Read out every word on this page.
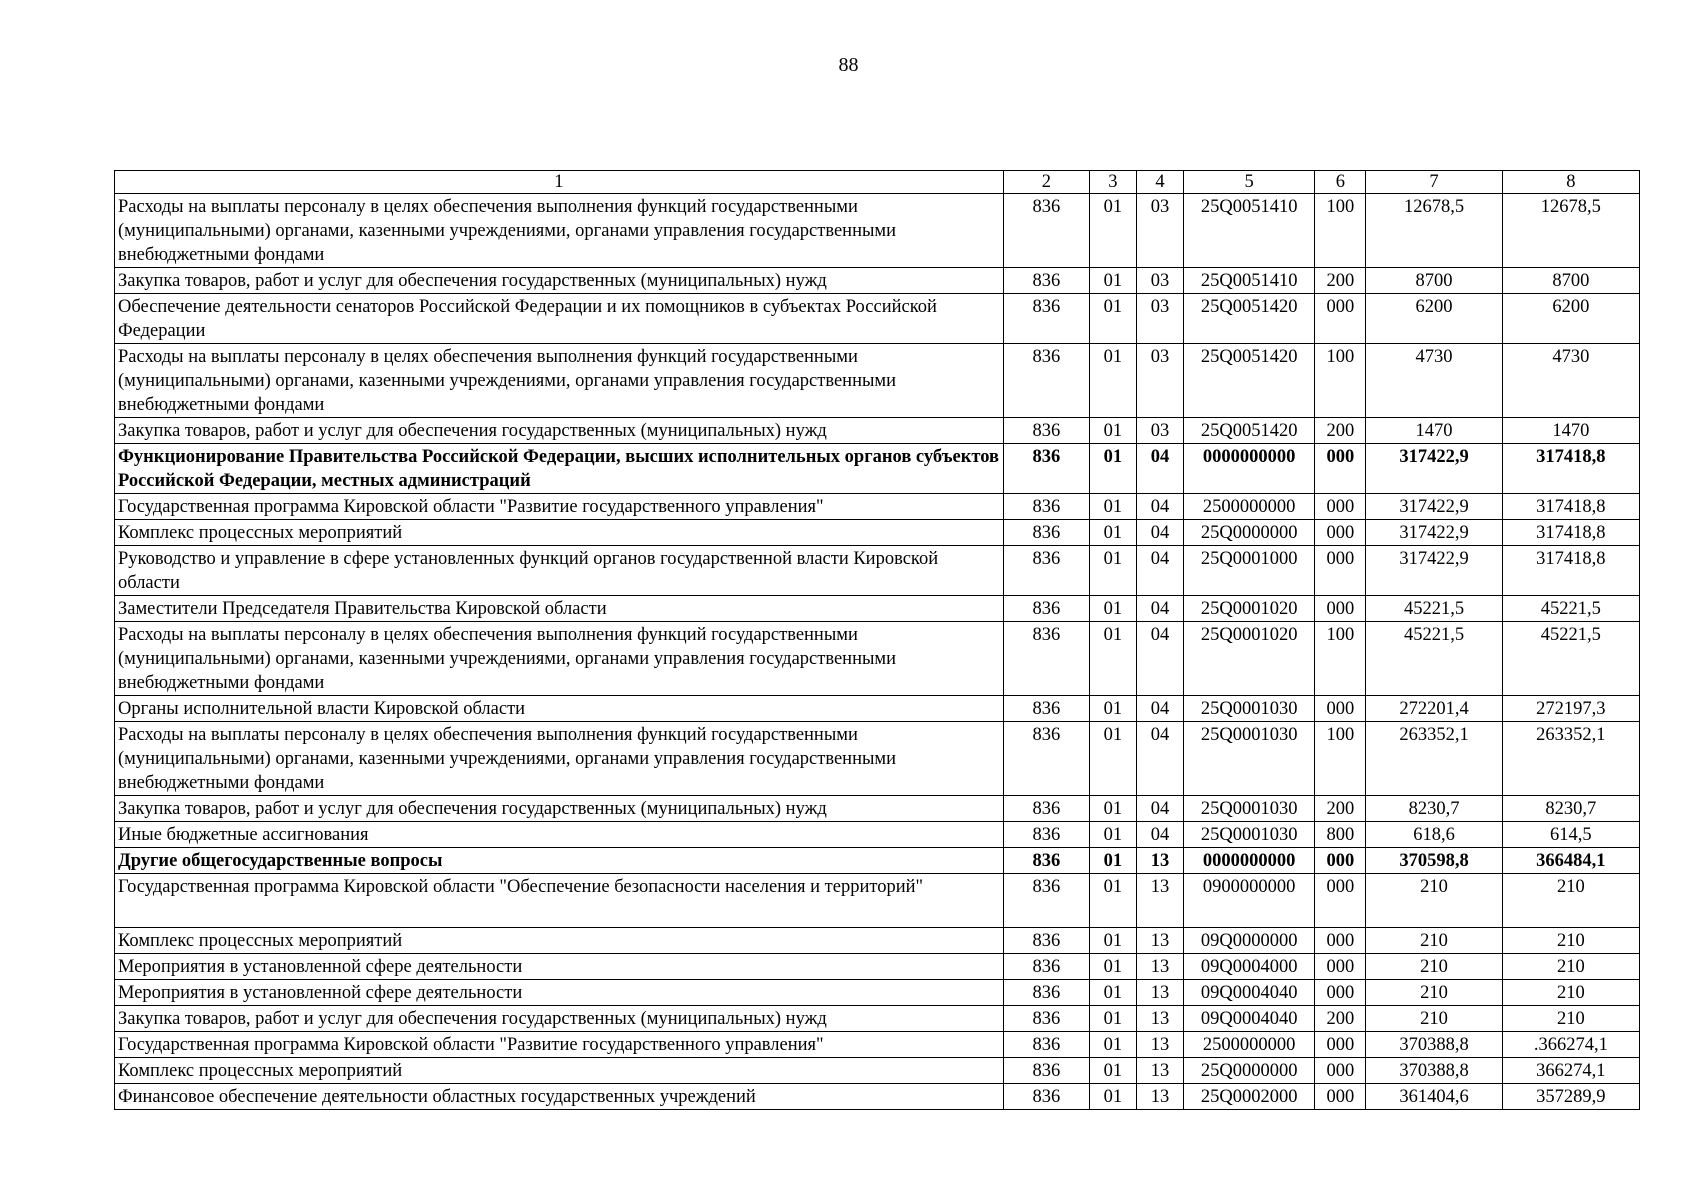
88
1	2	3	4	5	6	7	8
Расходы на выплаты персоналу в целях обеспечения выполнения функций государственными (муниципальными) органами, казенными учреждениями, органами управления государственными внебюджетными фондами	836	01	03	25Q0051410	100	12678,5	12678,5
Закупка товаров, работ и услуг для обеспечения государственных (муниципальных) нужд	836	01	03	25Q0051410	200	8700	8700
Обеспечение деятельности сенаторов Российской Федерации и их помощников в субъектах Российской Федерации	836	01	03	25Q0051420	000	6200	6200
Расходы на выплаты персоналу в целях обеспечения выполнения функций государственными (муниципальными) органами, казенными учреждениями, органами управления государственными внебюджетными фондами	836	01	03	25Q0051420	100	4730	4730
Закупка товаров, работ и услуг для обеспечения государственных (муниципальных) нужд	836	01	03	25Q0051420	200	1470	1470
Функционирование Правительства Российской Федерации, высших исполнительных органов субъектов Российской Федерации, местных администраций	836	01	04	0000000000	000	317422,9	317418,8
Государственная программа Кировской области "Развитие государственного управления"	836	01	04	2500000000	000	317422,9	317418,8
Комплекс процессных мероприятий	836	01	04	25Q0000000	000	317422,9	317418,8
Руководство и управление в сфере установленных функций органов государственной власти Кировской области	836	01	04	25Q0001000	000	317422,9	317418,8
Заместители Председателя Правительства Кировской области	836	01	04	25Q0001020	000	45221,5	45221,5
Расходы на выплаты персоналу в целях обеспечения выполнения функций государственными (муниципальными) органами, казенными учреждениями, органами управления государственными внебюджетными фондами	836	01	04	25Q0001020	100	45221,5	45221,5
Органы исполнительной власти Кировской области	836	01	04	25Q0001030	000	272201,4	272197,3
Расходы на выплаты персоналу в целях обеспечения выполнения функций государственными (муниципальными) органами, казенными учреждениями, органами управления государственными внебюджетными фондами	836	01	04	25Q0001030	100	263352,1	263352,1
Закупка товаров, работ и услуг для обеспечения государственных (муниципальных) нужд	836	01	04	25Q0001030	200	8230,7	8230,7
Иные бюджетные ассигнования	836	01	04	25Q0001030	800	618,6	614,5
Другие общегосударственные вопросы	836	01	13	0000000000	000	370598,8	366484,1
Государственная программа Кировской области "Обеспечение безопасности населения и территорий"	836	01	13	0900000000	000	210	210
Комплекс процессных мероприятий	836	01	13	09Q0000000	000	210	210
Мероприятия в установленной сфере деятельности	836	01	13	09Q0004000	000	210	210
Мероприятия в установленной сфере деятельности	836	01	13	09Q0004040	000	210	210
Закупка товаров, работ и услуг для обеспечения государственных (муниципальных) нужд	836	01	13	09Q0004040	200	210	210
Государственная программа Кировской области "Развитие государственного управления"	836	01	13	2500000000	000	370388,8	.366274,1
Комплекс процессных мероприятий	836	01	13	25Q0000000	000	370388,8	366274,1
Финансовое обеспечение деятельности областных государственных учреждений	836	01	13	25Q0002000	000	361404,6	357289,9
